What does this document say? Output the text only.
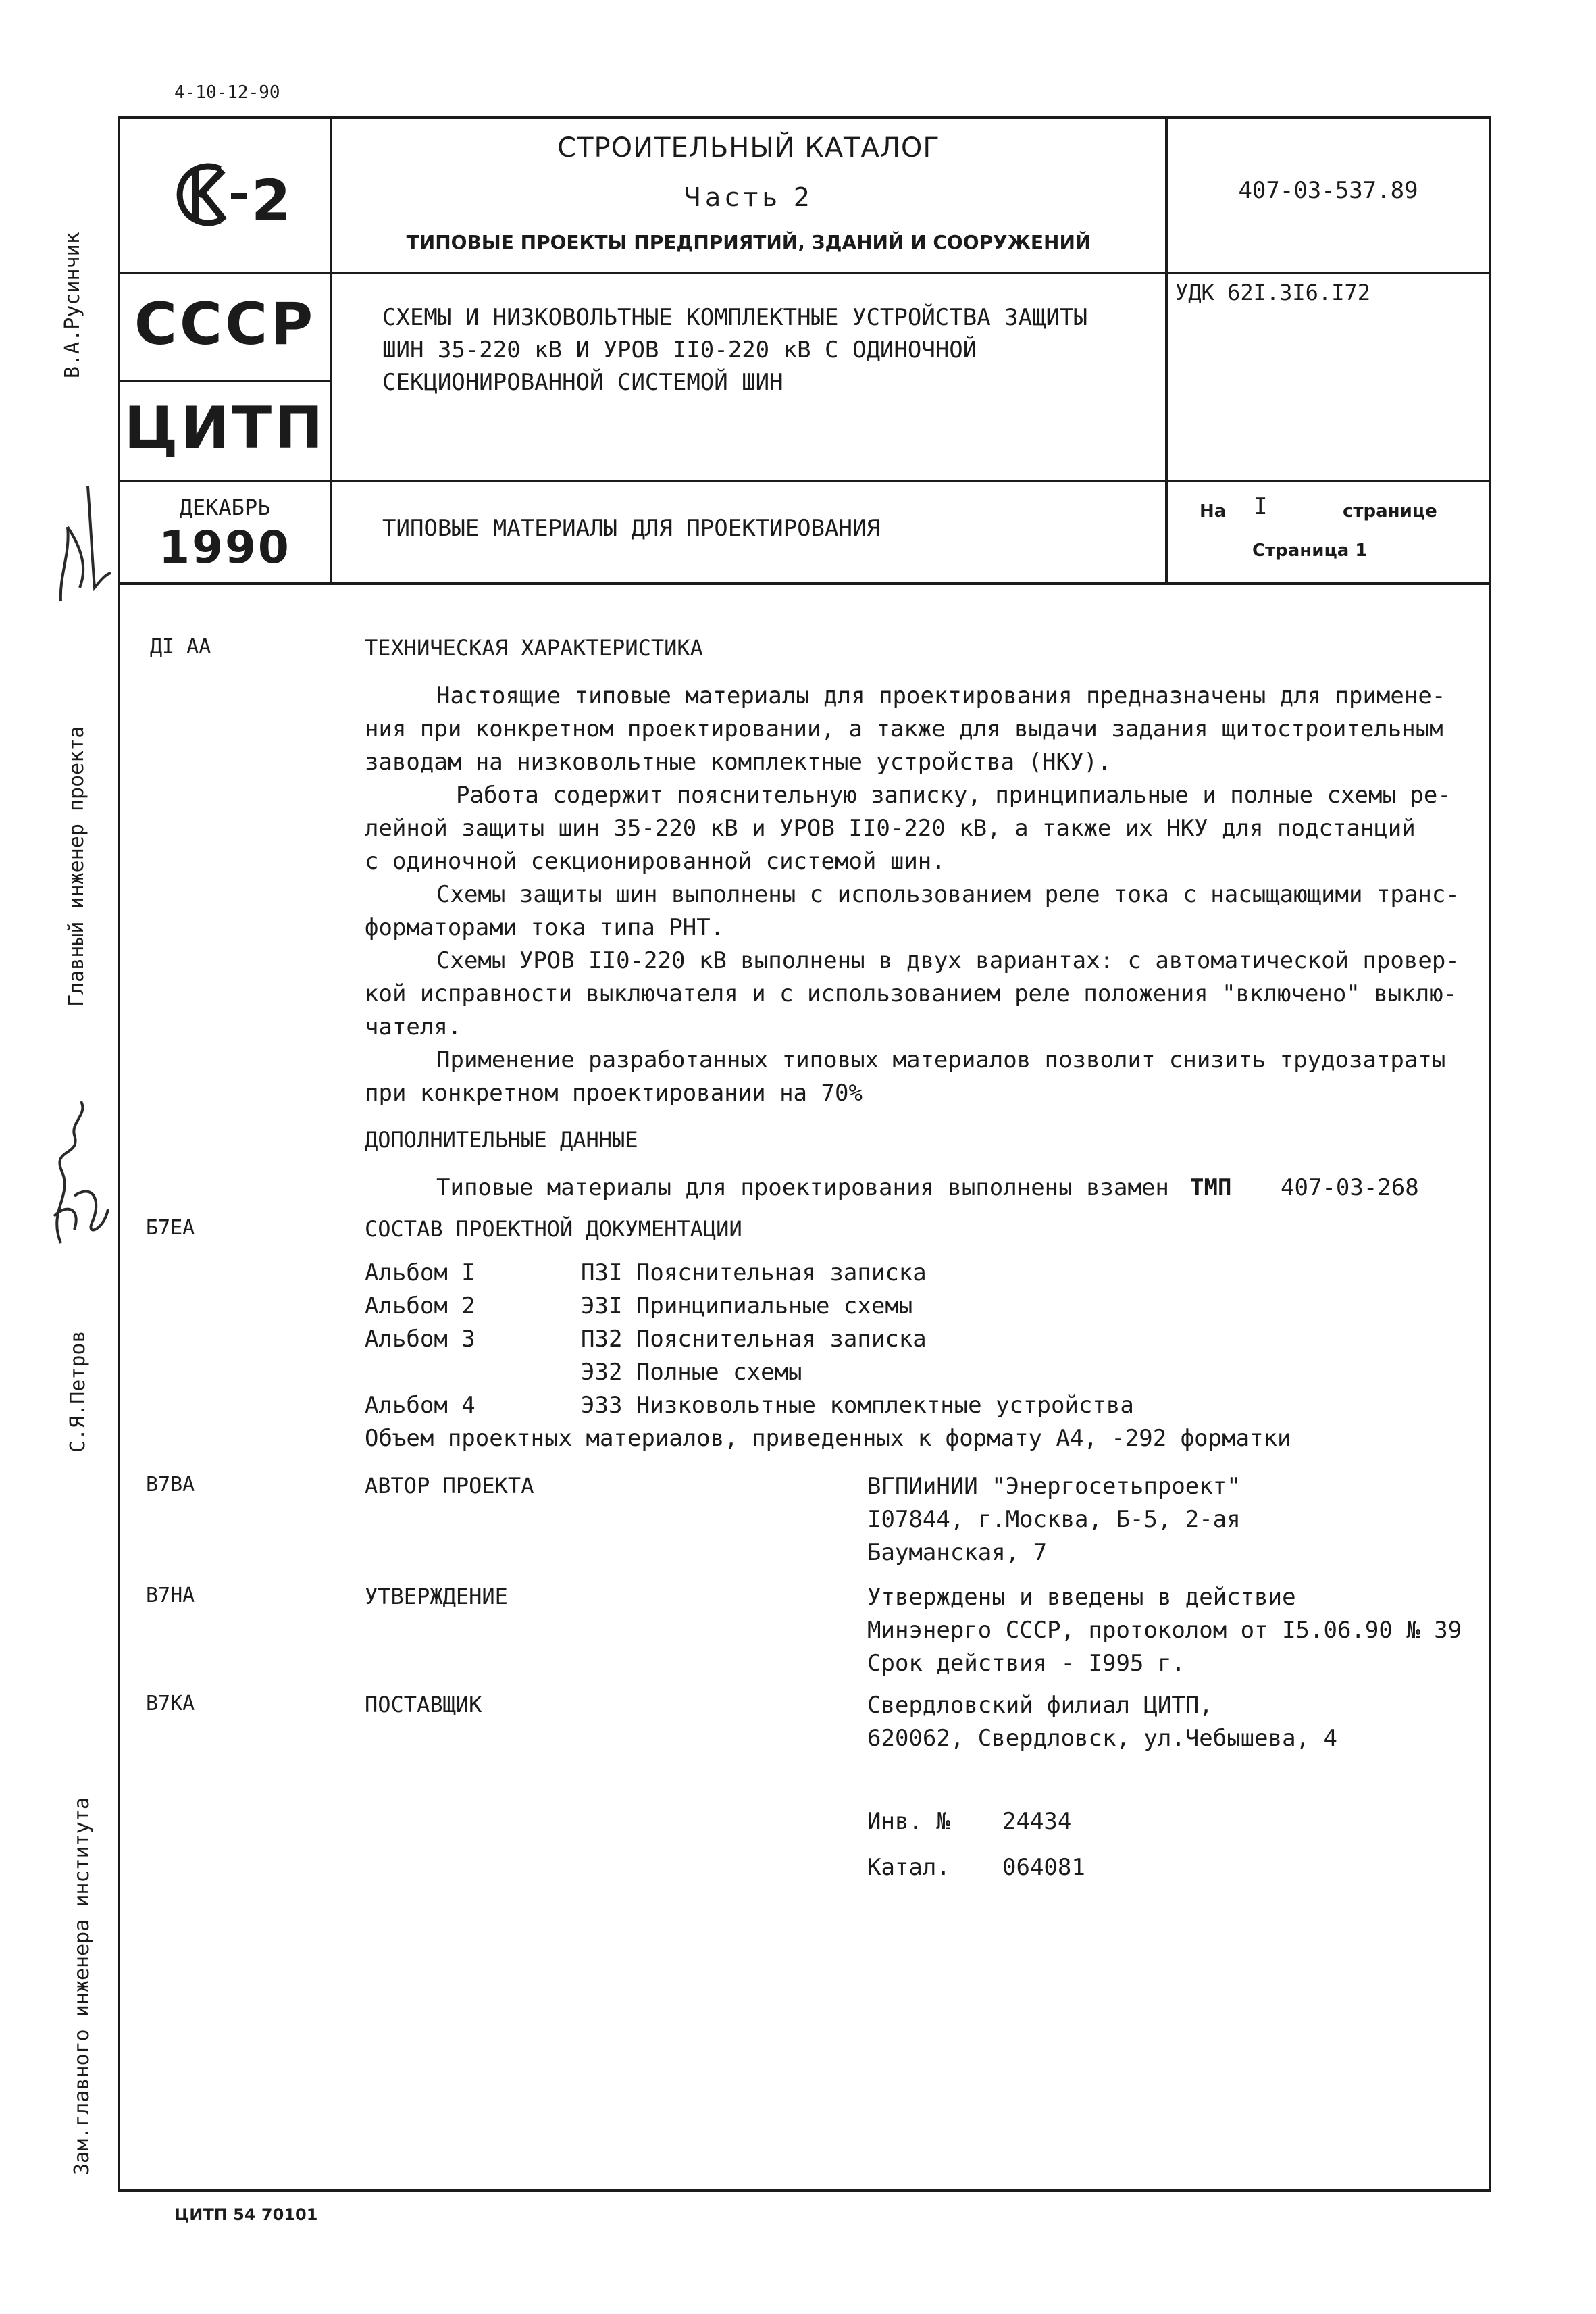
4-10-12-90
2
СТРОИТЕЛЬНЫЙ КАТАЛОГ
Часть 2
ТИПОВЫЕ ПРОЕКТЫ ПРЕДПРИЯТИЙ, ЗДАНИЙ И СООРУЖЕНИЙ
407-03-537.89
СССР
ЦИТП
СХЕМЫ И НИЗКОВОЛЬТНЫЕ КОМПЛЕКТНЫЕ УСТРОЙСТВА ЗАЩИТЫ
ШИН 35-220 кВ И УРОВ II0-220 кВ С ОДИНОЧНОЙ
СЕКЦИОНИРОВАННОЙ СИСТЕМОЙ ШИН
УДК 62I.3I6.I72
ДЕКАБРЬ
1990	ТИПОВЫЕ МАТЕРИАЛЫ ДЛЯ ПРОЕКТИРОВАНИЯ
На I	странице
Страница 1
ДІ АА	ТЕХНИЧЕСКАЯ ХАРАКТЕРИСТИКА
Настоящие типовые материалы для проектирования предназначены для примене-
ния при конкретном проектировании, а также для выдачи задания щитостроительным
заводам на низковольтные комплектные устройства (НКУ).
Работа содержит пояснительную записку, принципиальные и полные схемы ре-
лейной защиты шин 35-220 кВ и УРОВ II0-220 кВ, а также их НКУ для подстанций
с одиночной секционированной системой шин.
Схемы защиты шин выполнены с использованием реле тока с насыщающими транс-
форматорами тока типа РНТ.
Схемы УРОВ II0-220 кВ выполнены в двух вариантах: с автоматической провер-
кой исправности выключателя и с использованием реле положения "включено" выклю-
чателя.
Применение разработанных типовых материалов позволит снизить трудозатраты
при конкретном проектировании на 70%
ДОПОЛНИТЕЛЬНЫЕ ДАННЫЕ
Типовые материалы для проектирования выполнены взамен ТМП 407-03-268
Б7ЕА	СОСТАВ ПРОЕКТНОЙ ДОКУМЕНТАЦИИ
Альбом I	ПЗI Пояснительная записка
Альбом 2	ЭЗI Принципиальные схемы
Альбом 3	ПЗ2 Пояснительная записка
ЭЗ2 Полные схемы
Альбом 4	ЭЗЗ Низковольтные комплектные устройства
Объем проектных материалов, приведенных к формату А4, -292 форматки
В7ВА	АВТОР ПРОЕКТА	ВГПИиНИИ "Энергосетьпроект"
I07844, г.Москва, Б-5, 2-ая
Бауманская, 7
В7НА	УТВЕРЖДЕНИЕ	Утверждены и введены в действие
Минэнерго СССР, протоколом от I5.06.90 № 39
Срок действия - I995 г.
В7КА	ПОСТАВЩИК	Свердловский филиал ЦИТП,
620062, Свердловск, ул.Чебышева, 4
Инв. № 24434
Катал. 064081
ЦИТП 54 70101
В.А.Русинчик
Главный инженер проекта
С.Я.Петров
Зам.главного инженера института
